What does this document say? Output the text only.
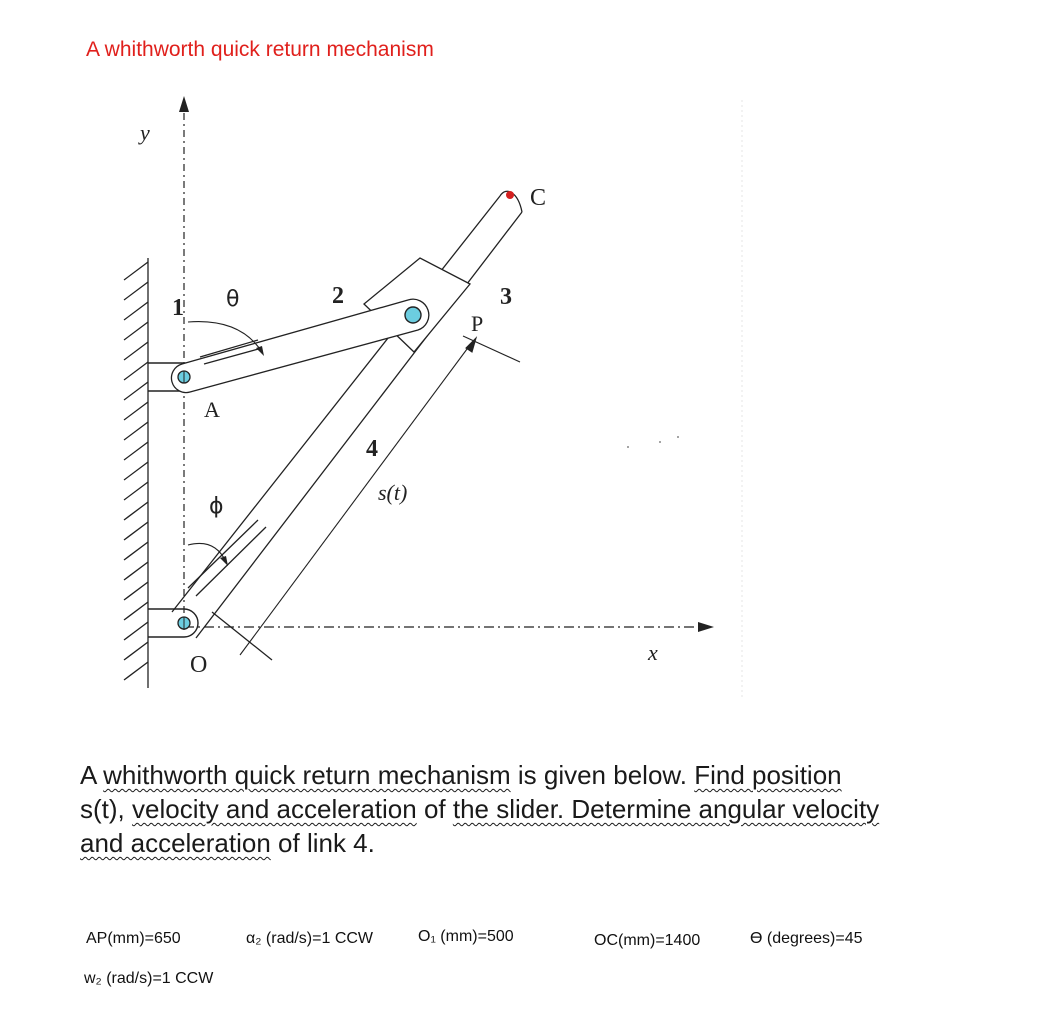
A whithworth quick return mechanism
y
x
1 θ	2	3
P
C
A
4
s(t)
ϕ
O
A whithworth quick return mechanism is given below. Find position
s(t), velocity and acceleration of the slider. Determine angular velocity
and acceleration of link 4.
AP(mm)=650	α₂ (rad/s)=1 CCW	O₁ (mm)=500	OC(mm)=1400	ϴ (degrees)=45
w₂ (rad/s)=1 CCW
